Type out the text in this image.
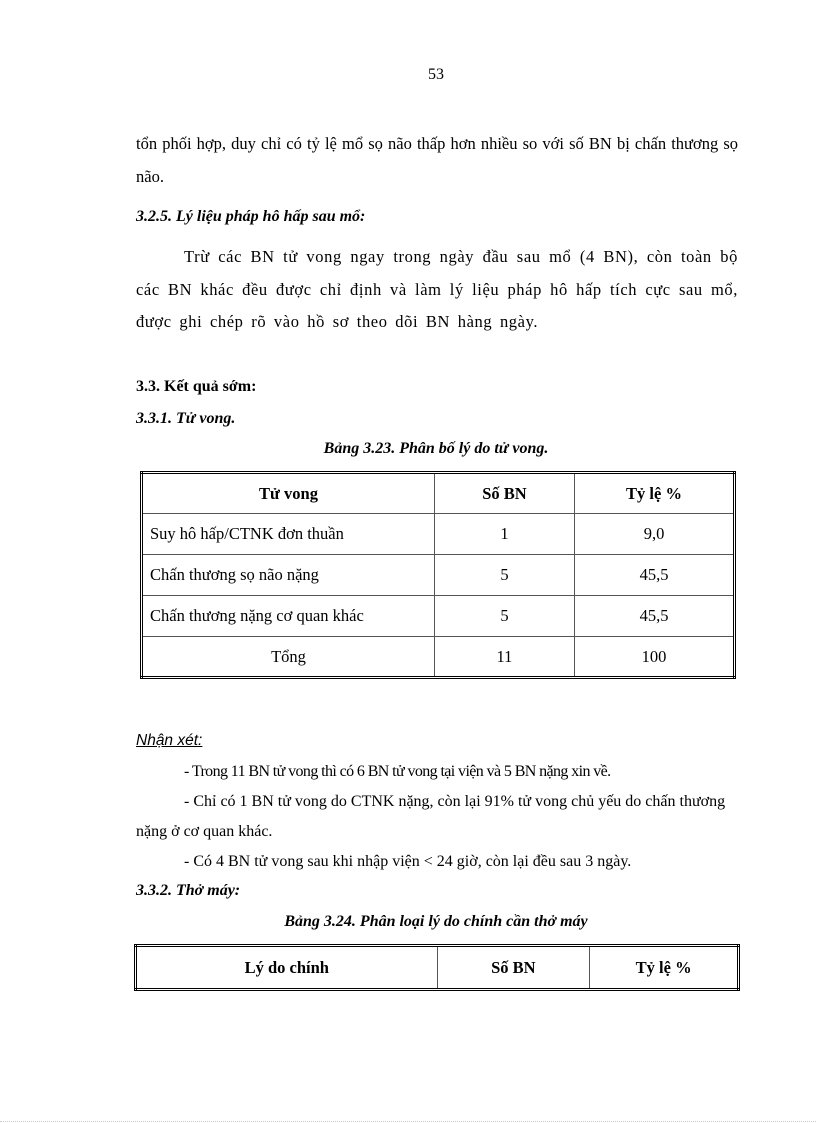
53
tổn phối hợp, duy chỉ có tỷ lệ mổ sọ não thấp hơn nhiều so với số BN bị chấn thương sọ não.
3.2.5. Lý liệu pháp hô hấp sau mổ:
Trừ các BN tử vong ngay trong ngày đầu sau mổ (4 BN), còn toàn bộ các BN khác đều được chỉ định và làm lý liệu pháp hô hấp tích cực sau mổ, được ghi chép rõ vào hồ sơ theo dõi BN hàng ngày.
3.3. Kết quả sớm:
3.3.1. Tử vong.
Bảng 3.23. Phân bố lý do tử vong.
Tử vong	Số BN	Tỷ lệ %
Suy hô hấp/CTNK đơn thuần	1	9,0
Chấn thương sọ não nặng	5	45,5
Chấn thương nặng cơ quan khác	5	45,5
Tổng	11	100
Nhận xét:
- Trong 11 BN tử vong thì có 6 BN tử vong tại viện và 5 BN nặng xin về.
- Chỉ có 1 BN tử vong do CTNK nặng, còn lại 91% tử vong chủ yếu do chấn thương nặng ở cơ quan khác.
- Có 4 BN tử vong sau khi nhập viện < 24 giờ, còn lại đều sau 3 ngày.
3.3.2. Thở máy:
Bảng 3.24. Phân loại lý do chính cần thở máy
Lý do chính	Số BN	Tỷ lệ %
